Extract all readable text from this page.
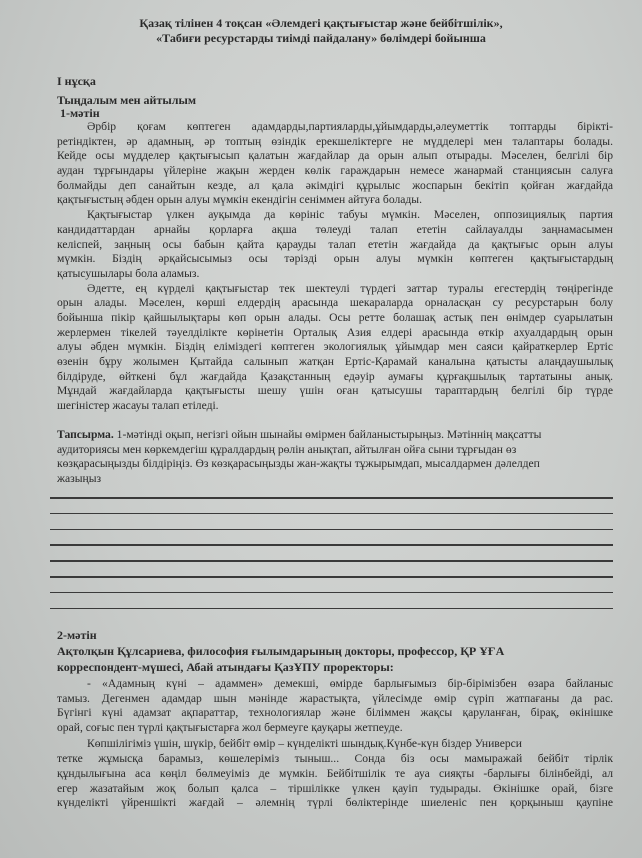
Қазақ тілінен 4 тоқсан «Әлемдегі қақтығыстар және бейбітшілік»,
«Табиғи ресурстарды тиімді пайдалану» бөлімдері бойынша
I нұсқа
Тыңдалым мен айтылым
1-мәтін
Әрбір қоғам көптеген адамдарды,партияларды,ұйымдарды,әлеуметтік топтарды біріктi-
ретіндіктен, әр адамның, әр топтың өзіндік ерекшеліктерге не мүдделері мен талаптары болады.
Кейде осы мүдделер қақтығысып қалатын жағдайлар да орын алып отырады. Мәселен, белгілі бір
аудан тұрғындары үйлеріне жақын жерден көлік гараждарын немесе жанармай станциясын салуға
болмайды деп санайтын кезде, ал қала әкімдігі құрылыс жоспарын бекітіп қойған жағдайда
қақтығыстың әбден орын алуы мүмкін екендігін сеніммен айтуға болады.
Қақтығыстар үлкен ауқымда да көрініс табуы мүмкін. Мәселен, оппозициялық партия
кандидаттардан арнайы қорларға ақша төлеуді талап ететін сайлауалды заңнамасымен
келіспей, заңның осы бабын қайта қарауды талап ететін жағдайда да қақтығыс орын алуы
мүмкін. Біздің әрқайсысымыз осы тәрізді орын алуы мүмкін көптеген қақтығыстардың
қатысушылары бола аламыз.
Әдетте, ең күрделі қақтығыстар тек шектеулі түрдегі заттар туралы егестердің төңірегінде
орын алады. Мәселен, көрші елдердің арасында шекараларда орналасқан су ресурстарын болу
бойынша пікір қайшылықтары көп орын алады. Осы ретте болашақ астық пен өнімдер суарылатын
жерлермен тікелей тәуелділікте көрінетін Орталық Азия елдері арасында өткір ахуалдардың орын
алуы әбден мүмкін. Біздің еліміздегі көптеген экологиялық ұйымдар мен саяси қайраткерлер Ертіс
өзенін бұру жолымен Қытайда салынып жатқан Ертіс-Қарамай каналына қатысты алаңдаушылық
білдіруде, өйткені бұл жағдайда Қазақстанның едәуір аумағы құрғақшылық тартатыны анық.
Мұндай жағдайларда қақтығысты шешу үшін оған қатысушы тараптардың белгілі бір түрде
шегіністер жасауы талап етіледі.
Тапсырма. 1-мәтінді оқып, негізгі ойын шынайы өмірмен байланыстырыңыз. Мәтіннің мақсатты
аудиториясы мен көркемдегіш құралдардың рөлін анықтап, айтылған ойға сыни тұрғыдан өз
көзқарасыңызды білдіріңіз. Өз көзқарасыңызды жан-жақты тұжырымдап, мысалдармен дәлелдеп
жазыңыз
2-мәтін
Ақтолқын Құлсариева, философия ғылымдарының докторы, профессор, ҚР ҰҒА
корреспондент-мүшесі, Абай атындағы ҚазҰПУ проректоры:
- «Адамның күні – адаммен» демекші, өмірде барлығымыз бір-бірімізбен өзара байланыс
тамыз. Дегенмен адамдар шын мәнінде жарастықта, үйлесімде өмір сүріп жатпағаны да рас.
Бүгінгі күні адамзат ақпараттар, технологиялар және біліммен жақсы қаруланған, бірақ, өкінішке
орай, соғыс пен түрлі қақтығыстарға жол бермеуге қауқары жетпеуде.
Көпшілігіміз үшін, шүкір, бейбіт өмір – күнделікті шындық.Күнбе-күн біздер Универси
тетке жұмысқа барамыз, көшелеріміз тыныш... Сонда біз осы мамыражай бейбіт тірлік
құндылығына аса көңіл бөлмеуіміз де мүмкін. Бейбітшілік те ауа сияқты -барлығы білінбейді, ал
егер жазатайым жоқ болып қалса – тіршілікке үлкен қауіп тудырады. Өкінішке орай, бізге
күнделікті үйреншікті жағдай – әлемнің түрлі бөліктерінде шиеленіс пен қорқыныш қаупіне
